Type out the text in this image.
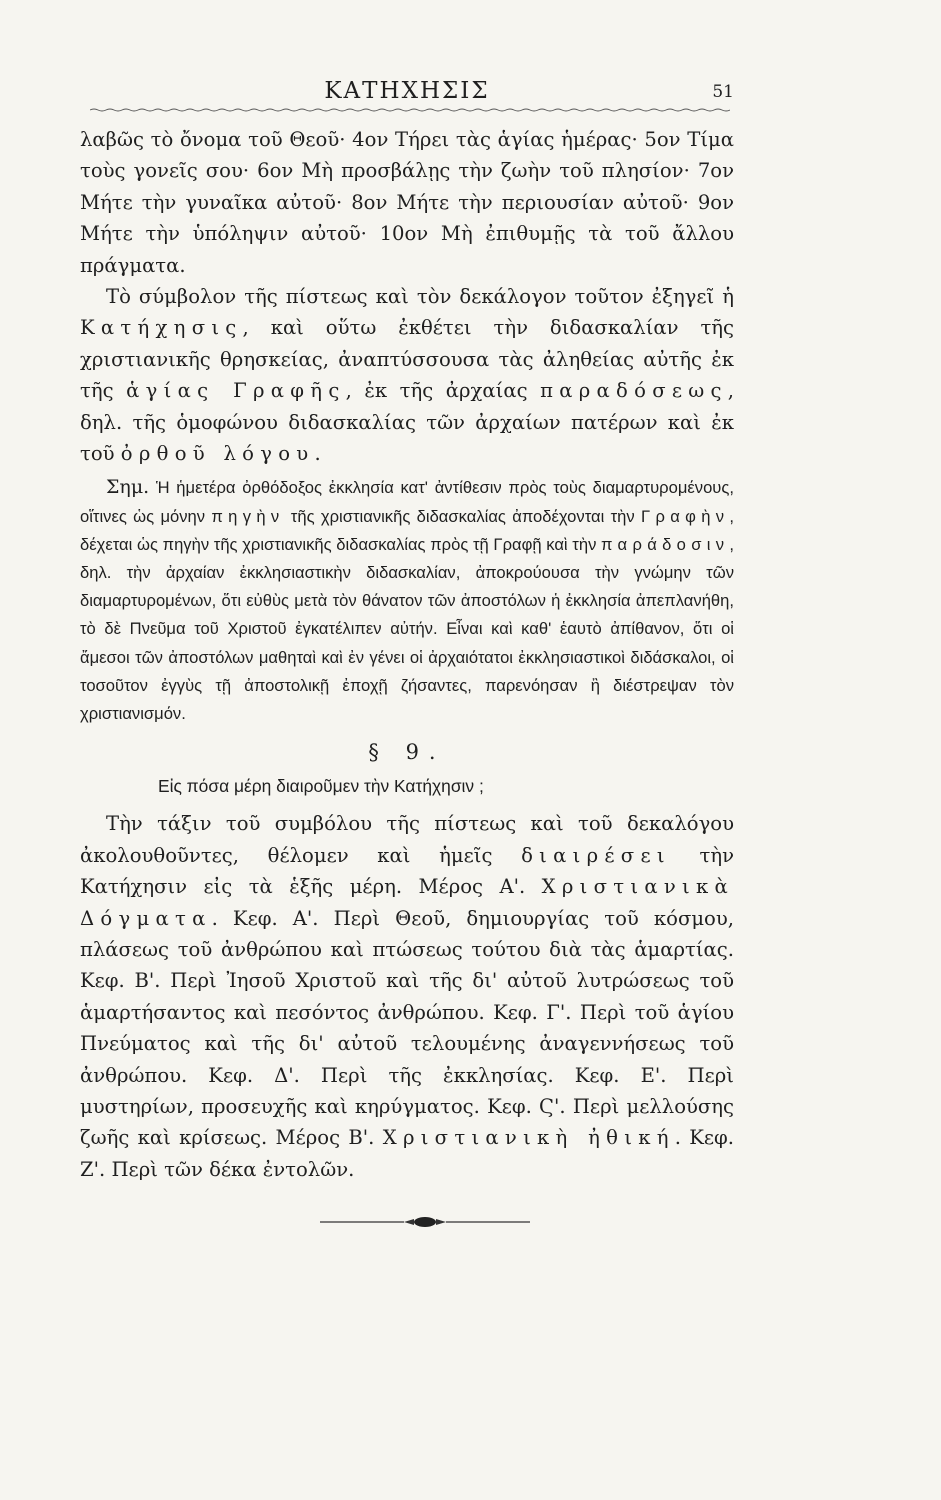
ΚΑΤΗΧΗΣΙΣ	51

λαβῶς τὸ ὄνομα τοῦ Θεοῦ· 4ον Τήρει τὰς ἁγίας ἡμέρας· 5ον Τίμα τοὺς γονεῖς σου· 6ον Μὴ προσβάλῃς τὴν ζωὴν τοῦ πλησίον· 7ον Μήτε τὴν γυναῖκα αὐτοῦ· 8ον Μήτε τὴν περιουσίαν αὐτοῦ· 9ον Μήτε τὴν ὑπόληψιν αὐτοῦ· 10ον Μὴ ἐπιθυμῇς τὰ τοῦ ἄλλου πράγματα.

Τὸ σύμβολον τῆς πίστεως καὶ τὸν δεκάλογον τοῦτον ἐξηγεῖ ἡ Κατήχησις, καὶ οὕτω ἐκθέτει τὴν διδασκαλίαν τῆς χριστιανικῆς θρησκείας, ἀναπτύσσουσα τὰς ἀληθείας αὐτῆς ἐκ τῆς ἁγίας Γραφῆς, ἐκ τῆς ἀρχαίας παραδόσεως, δηλ. τῆς ὁμοφώνου διδασκαλίας τῶν ἀρχαίων πατέρων καὶ ἐκ τοῦ ὀρθοῦ λόγου.

Σημ. Ἡ ἡμετέρα ὀρθόδοξος ἐκκλησία κατ' ἀντίθεσιν πρὸς τοὺς διαμαρτυρομένους, οἵτινες ὡς μόνην πηγὴν τῆς χριστιανικῆς διδασκαλίας ἀποδέχονται τὴν Γραφὴν, δέχεται ὡς πηγὴν τῆς χριστιανικῆς διδασκαλίας πρὸς τῇ Γραφῇ καὶ τὴν παράδοσιν, δηλ. τὴν ἀρχαίαν ἐκκλησιαστικὴν διδασκαλίαν, ἀποκρούουσα τὴν γνώμην τῶν διαμαρτυρομένων, ὅτι εὐθὺς μετὰ τὸν θάνατον τῶν ἀποστόλων ἡ ἐκκλησία ἀπεπλανήθη, τὸ δὲ Πνεῦμα τοῦ Χριστοῦ ἐγκατέλιπεν αὐτήν. Εἶναι καὶ καθ' ἑαυτὸ ἀπίθανον, ὅτι οἱ ἄμεσοι τῶν ἀποστόλων μαθηταὶ καὶ ἐν γένει οἱ ἀρχαιότατοι ἐκκλησιαστικοὶ διδάσκαλοι, οἱ τοσοῦτον ἐγγὺς τῇ ἀποστολικῇ ἐποχῇ ζήσαντες, παρενόησαν ἢ διέστρεψαν τὸν χριστιανισμόν.

§ 9.

Εἰς πόσα μέρη διαιροῦμεν τὴν Κατήχησιν ;

Τὴν τάξιν τοῦ συμβόλου τῆς πίστεως καὶ τοῦ δεκαλόγου ἀκολουθοῦντες, θέλομεν καὶ ἡμεῖς διαιρέσει τὴν Κατήχησιν εἰς τὰ ἑξῆς μέρη. Μέρος Α'. Χριστιανικὰ Δόγματα. Κεφ. Α'. Περὶ Θεοῦ, δημιουργίας τοῦ κόσμου, πλάσεως τοῦ ἀνθρώπου καὶ πτώσεως τούτου διὰ τὰς ἁμαρτίας. Κεφ. Β'. Περὶ Ἰησοῦ Χριστοῦ καὶ τῆς δι' αὐτοῦ λυτρώσεως τοῦ ἁμαρτήσαντος καὶ πεσόντος ἀνθρώπου. Κεφ. Γ'. Περὶ τοῦ ἁγίου Πνεύματος καὶ τῆς δι' αὐτοῦ τελουμένης ἀναγεννήσεως τοῦ ἀνθρώπου. Κεφ. Δ'. Περὶ τῆς ἐκκλησίας. Κεφ. Ε'. Περὶ μυστηρίων, προσευχῆς καὶ κηρύγματος. Κεφ. Ϛ'. Περὶ μελλούσης ζωῆς καὶ κρίσεως. Μέρος Β'. Χριστιανικὴ ἠθική. Κεφ. Ζ'. Περὶ τῶν δέκα ἐντολῶν.
